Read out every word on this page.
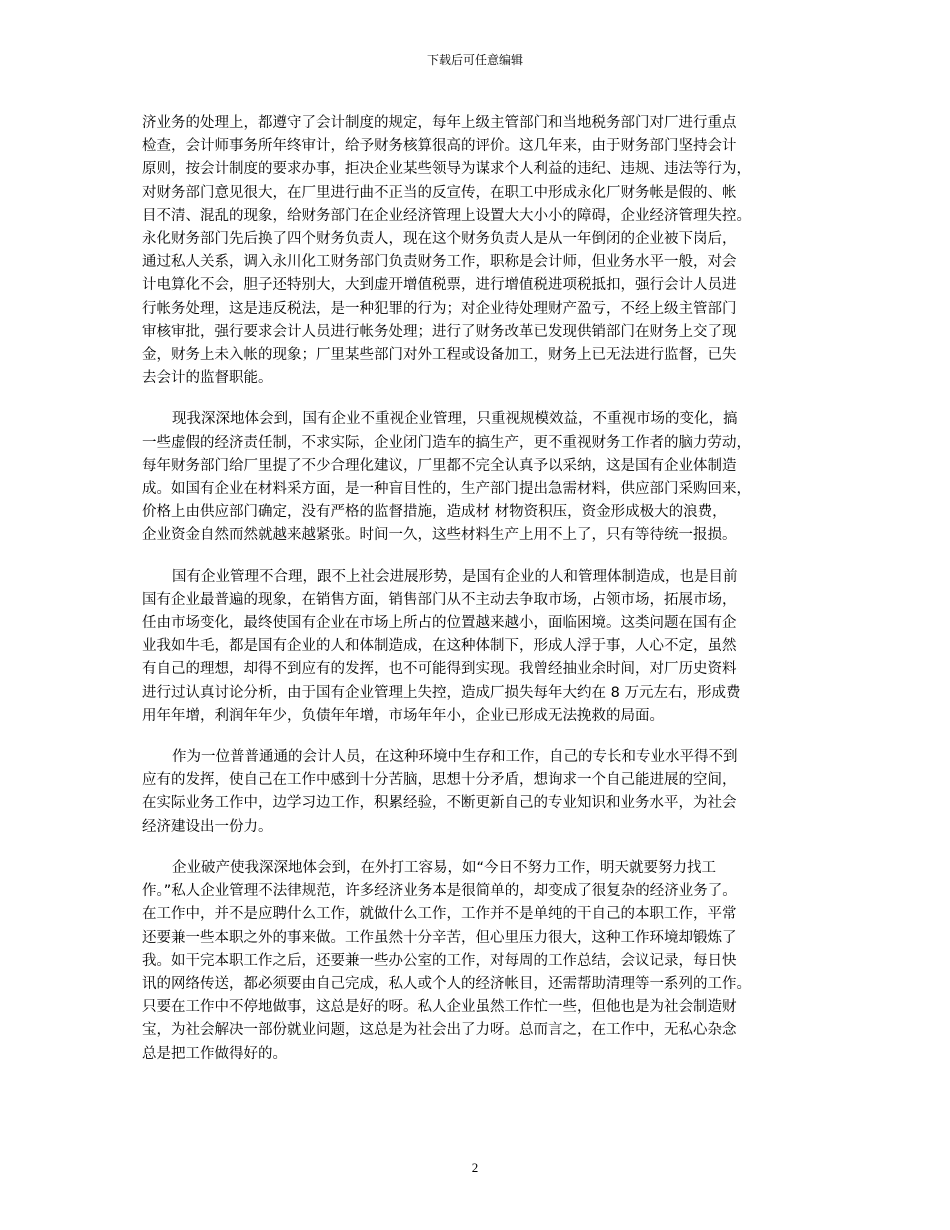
下载后可任意编辑

济业务的处理上，都遵守了会计制度的规定，每年上级主管部门和当地税务部门对厂进行重点
检查，会计师事务所年终审计，给予财务核算很高的评价。这几年来，由于财务部门坚持会计
原则，按会计制度的要求办事，拒决企业某些领导为谋求个人利益的违纪、违规、违法等行为，
对财务部门意见很大，在厂里进行曲不正当的反宣传，在职工中形成永化厂财务帐是假的、帐
目不清、混乱的现象，给财务部门在企业经济管理上设置大大小小的障碍，企业经济管理失控。
永化财务部门先后换了四个财务负责人，现在这个财务负责人是从一年倒闭的企业被下岗后，
通过私人关系，调入永川化工财务部门负责财务工作，职称是会计师，但业务水平一般，对会
计电算化不会，胆子还特别大，大到虚开增值税票，进行增值税进项税抵扣，强行会计人员进
行帐务处理，这是违反税法，是一种犯罪的行为；对企业待处理财产盈亏，不经上级主管部门
审核审批，强行要求会计人员进行帐务处理；进行了财务改革已发现供销部门在财务上交了现
金，财务上未入帐的现象；厂里某些部门对外工程或设备加工，财务上已无法进行监督，已失
去会计的监督职能。

现我深深地体会到，国有企业不重视企业管理，只重视规模效益，不重视市场的变化，搞
一些虚假的经济责任制，不求实际，企业闭门造车的搞生产，更不重视财务工作者的脑力劳动，
每年财务部门给厂里提了不少合理化建议，厂里都不完全认真予以采纳，这是国有企业体制造
成。如国有企业在材料采方面，是一种盲目性的，生产部门提出急需材料，供应部门采购回来，
价格上由供应部门确定，没有严格的监督措施，造成材 材物资积压，资金形成极大的浪费，
企业资金自然而然就越来越紧张。时间一久，这些材料生产上用不上了，只有等待统一报损。

国有企业管理不合理，跟不上社会进展形势，是国有企业的人和管理体制造成，也是目前
国有企业最普遍的现象，在销售方面，销售部门从不主动去争取市场，占领市场，拓展市场，
任由市场变化，最终使国有企业在市场上所占的位置越来越小，面临困境。这类问题在国有企
业我如牛毛，都是国有企业的人和体制造成，在这种体制下，形成人浮于事，人心不定，虽然
有自己的理想，却得不到应有的发挥，也不可能得到实现。我曾经抽业余时间，对厂历史资料
进行过认真讨论分析，由于国有企业管理上失控，造成厂损失每年大约在 8 万元左右，形成费
用年年增，利润年年少，负债年年增，市场年年小，企业已形成无法挽救的局面。

作为一位普普通通的会计人员，在这种环境中生存和工作，自己的专长和专业水平得不到
应有的发挥，使自己在工作中感到十分苦脑，思想十分矛盾，想询求一个自己能进展的空间，
在实际业务工作中，边学习边工作，积累经验，不断更新自己的专业知识和业务水平，为社会
经济建设出一份力。

企业破产使我深深地体会到，在外打工容易，如“今日不努力工作，明天就要努力找工
作。”私人企业管理不法律规范，许多经济业务本是很简单的，却变成了很复杂的经济业务了。
在工作中，并不是应聘什么工作，就做什么工作，工作并不是单纯的干自己的本职工作，平常
还要兼一些本职之外的事来做。工作虽然十分辛苦，但心里压力很大，这种工作环境却锻炼了
我。如干完本职工作之后，还要兼一些办公室的工作，对每周的工作总结，会议记录，每日快
讯的网络传送，都必须要由自己完成，私人或个人的经济帐目，还需帮助清理等一系列的工作。
只要在工作中不停地做事，这总是好的呀。私人企业虽然工作忙一些，但他也是为社会制造财
宝，为社会解决一部份就业问题，这总是为社会出了力呀。总而言之，在工作中，无私心杂念
总是把工作做得好的。

2
